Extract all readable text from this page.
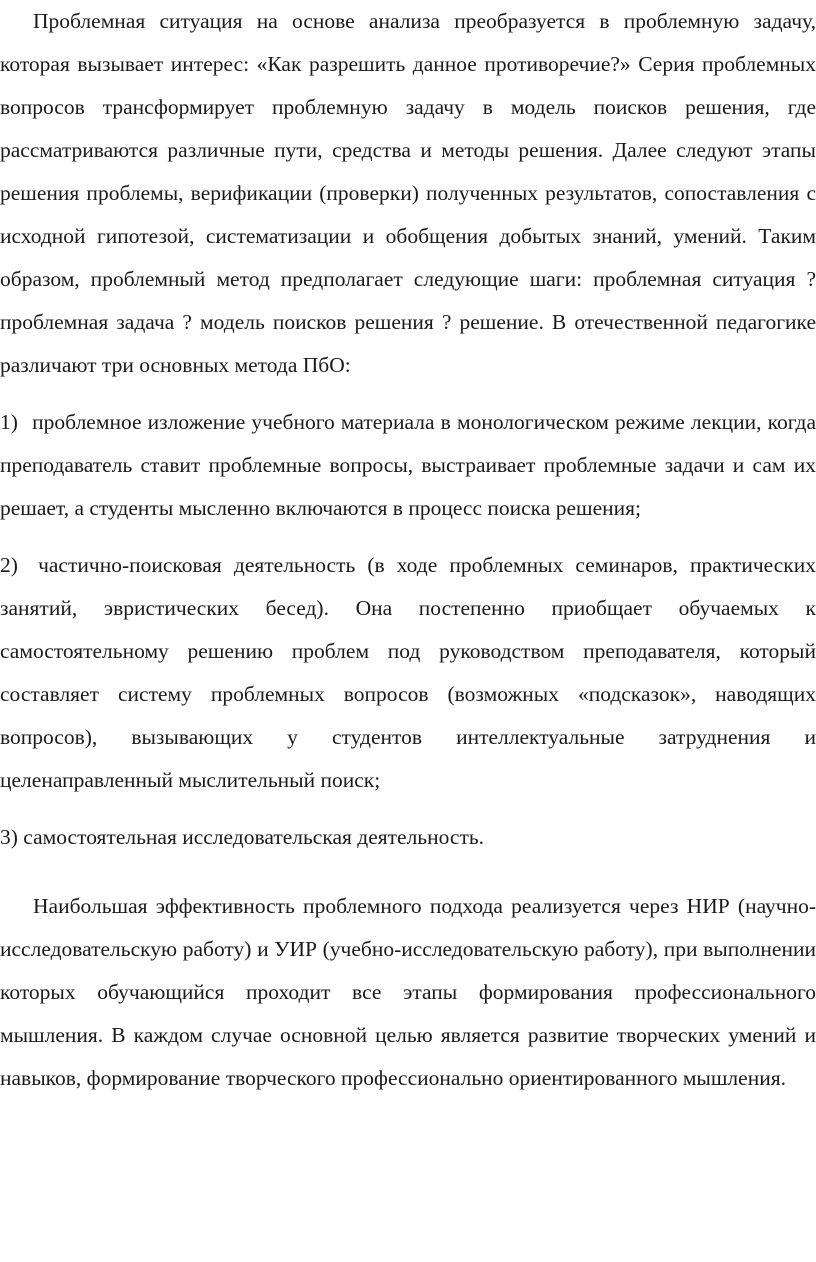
Проблемная ситуация на основе анализа преобразуется в проблемную задачу, которая вызывает интерес: «Как разрешить данное противоречие?» Серия проблемных вопросов трансформирует проблемную задачу в модель поисков решения, где рассматриваются различные пути, средства и методы решения. Далее следуют этапы решения проблемы, верификации (проверки) полученных результатов, сопоставления с исходной гипотезой, систематизации и обобщения добытых знаний, умений. Таким образом, проблемный метод предполагает следующие шаги: проблемная ситуация ? проблемная задача ? модель поисков решения ? решение. В отечественной педагогике различают три основных метода ПбО:

1) проблемное изложение учебного материала в монологическом режиме лекции, когда преподаватель ставит проблемные вопросы, выстраивает проблемные задачи и сам их решает, а студенты мысленно включаются в процесс поиска решения;

2) частично-поисковая деятельность (в ходе проблемных семинаров, практических занятий, эвристических бесед). Она постепенно приобщает обучаемых к самостоятельному решению проблем под руководством преподавателя, который составляет систему проблемных вопросов (возможных «подсказок», наводящих вопросов), вызывающих у студентов интеллектуальные затруднения и целенаправленный мыслительный поиск;

3) самостоятельная исследовательская деятельность.

Наибольшая эффективность проблемного подхода реализуется через НИР (научно-исследовательскую работу) и УИР (учебно-исследовательскую работу), при выполнении которых обучающийся проходит все этапы формирования профессионального мышления. В каждом случае основной целью является развитие творческих умений и навыков, формирование творческого профессионально ориентированного мышления.
